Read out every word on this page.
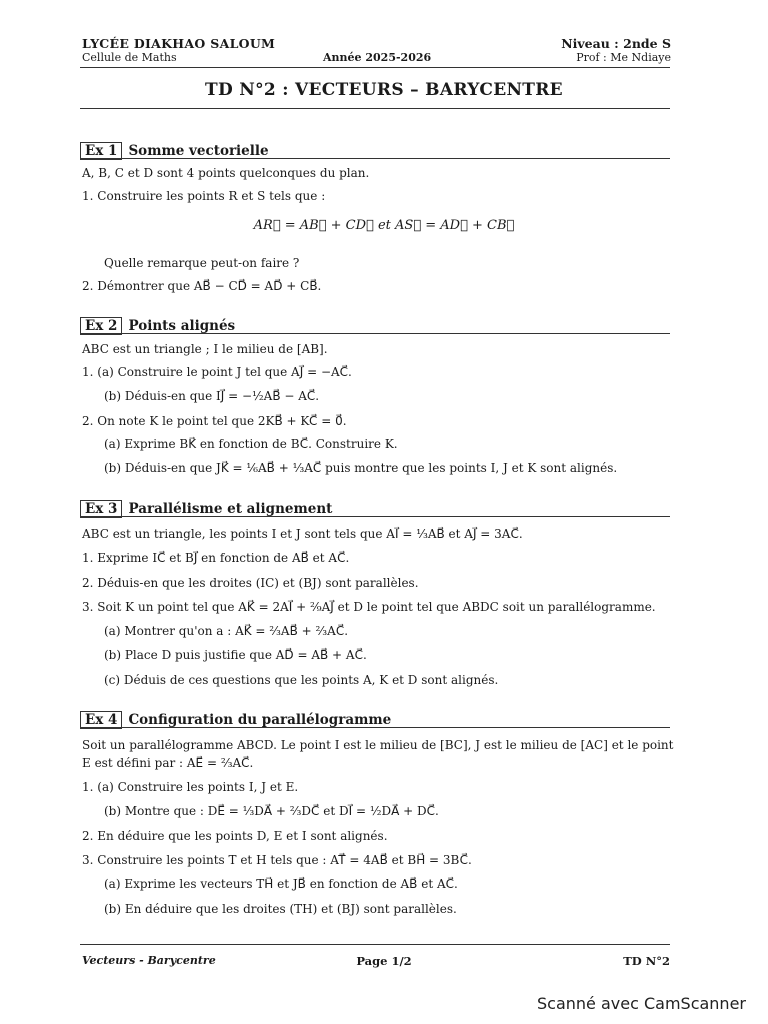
LYCÉE DIAKHAO SALOUM
Cellule de Maths	Année 2025-2026
Niveau : 2nde S
Prof : Me Ndiaye
TD N°2 : VECTEURS – BARYCENTRE
Ex 1 Somme vectorielle
A, B, C et D sont 4 points quelconques du plan.
1. Construire les points R et S tels que :
AR⃗ = AB⃗ + CD⃗ et AS⃗ = AD⃗ + CB⃗
Quelle remarque peut-on faire ?
2. Démontrer que AB⃗ − CD⃗ = AD⃗ + CB⃗.
Ex 2 Points alignés
ABC est un triangle ; I le milieu de [AB].
1. (a) Construire le point J tel que AJ⃗ = −AC⃗.
(b) Déduis-en que IJ⃗ = −½AB⃗ − AC⃗.
2. On note K le point tel que 2KB⃗ + KC⃗ = 0⃗.
(a) Exprime BK⃗ en fonction de BC⃗. Construire K.
(b) Déduis-en que JK⃗ = ⅙AB⃗ + ⅓AC⃗ puis montre que les points I, J et K sont alignés.
Ex 3 Parallélisme et alignement
ABC est un triangle, les points I et J sont tels que AI⃗ = ⅓AB⃗ et AJ⃗ = 3AC⃗.
1. Exprime IC⃗ et BJ⃗ en fonction de AB⃗ et AC⃗.
2. Déduis-en que les droites (IC) et (BJ) sont parallèles.
3. Soit K un point tel que AK⃗ = 2AI⃗ + ²⁄₉AJ⃗ et D le point tel que ABDC soit un parallélogramme.
(a) Montrer qu'on a : AK⃗ = ⅔AB⃗ + ⅔AC⃗.
(b) Place D puis justifie que AD⃗ = AB⃗ + AC⃗.
(c) Déduis de ces questions que les points A, K et D sont alignés.
Ex 4 Configuration du parallélogramme
Soit un parallélogramme ABCD. Le point I est le milieu de [BC], J est le milieu de [AC] et le point
E est défini par : AE⃗ = ⅔AC⃗.
1. (a) Construire les points I, J et E.
(b) Montre que : DE⃗ = ⅓DA⃗ + ⅔DC⃗ et DI⃗ = ½DA⃗ + DC⃗.
2. En déduire que les points D, E et I sont alignés.
3. Construire les points T et H tels que : AT⃗ = 4AB⃗ et BH⃗ = 3BC⃗.
(a) Exprime les vecteurs TH⃗ et JB⃗ en fonction de AB⃗ et AC⃗.
(b) En déduire que les droites (TH) et (BJ) sont parallèles.
Vecteurs - Barycentre	Page 1/2	TD N°2
Scanné avec CamScanner
